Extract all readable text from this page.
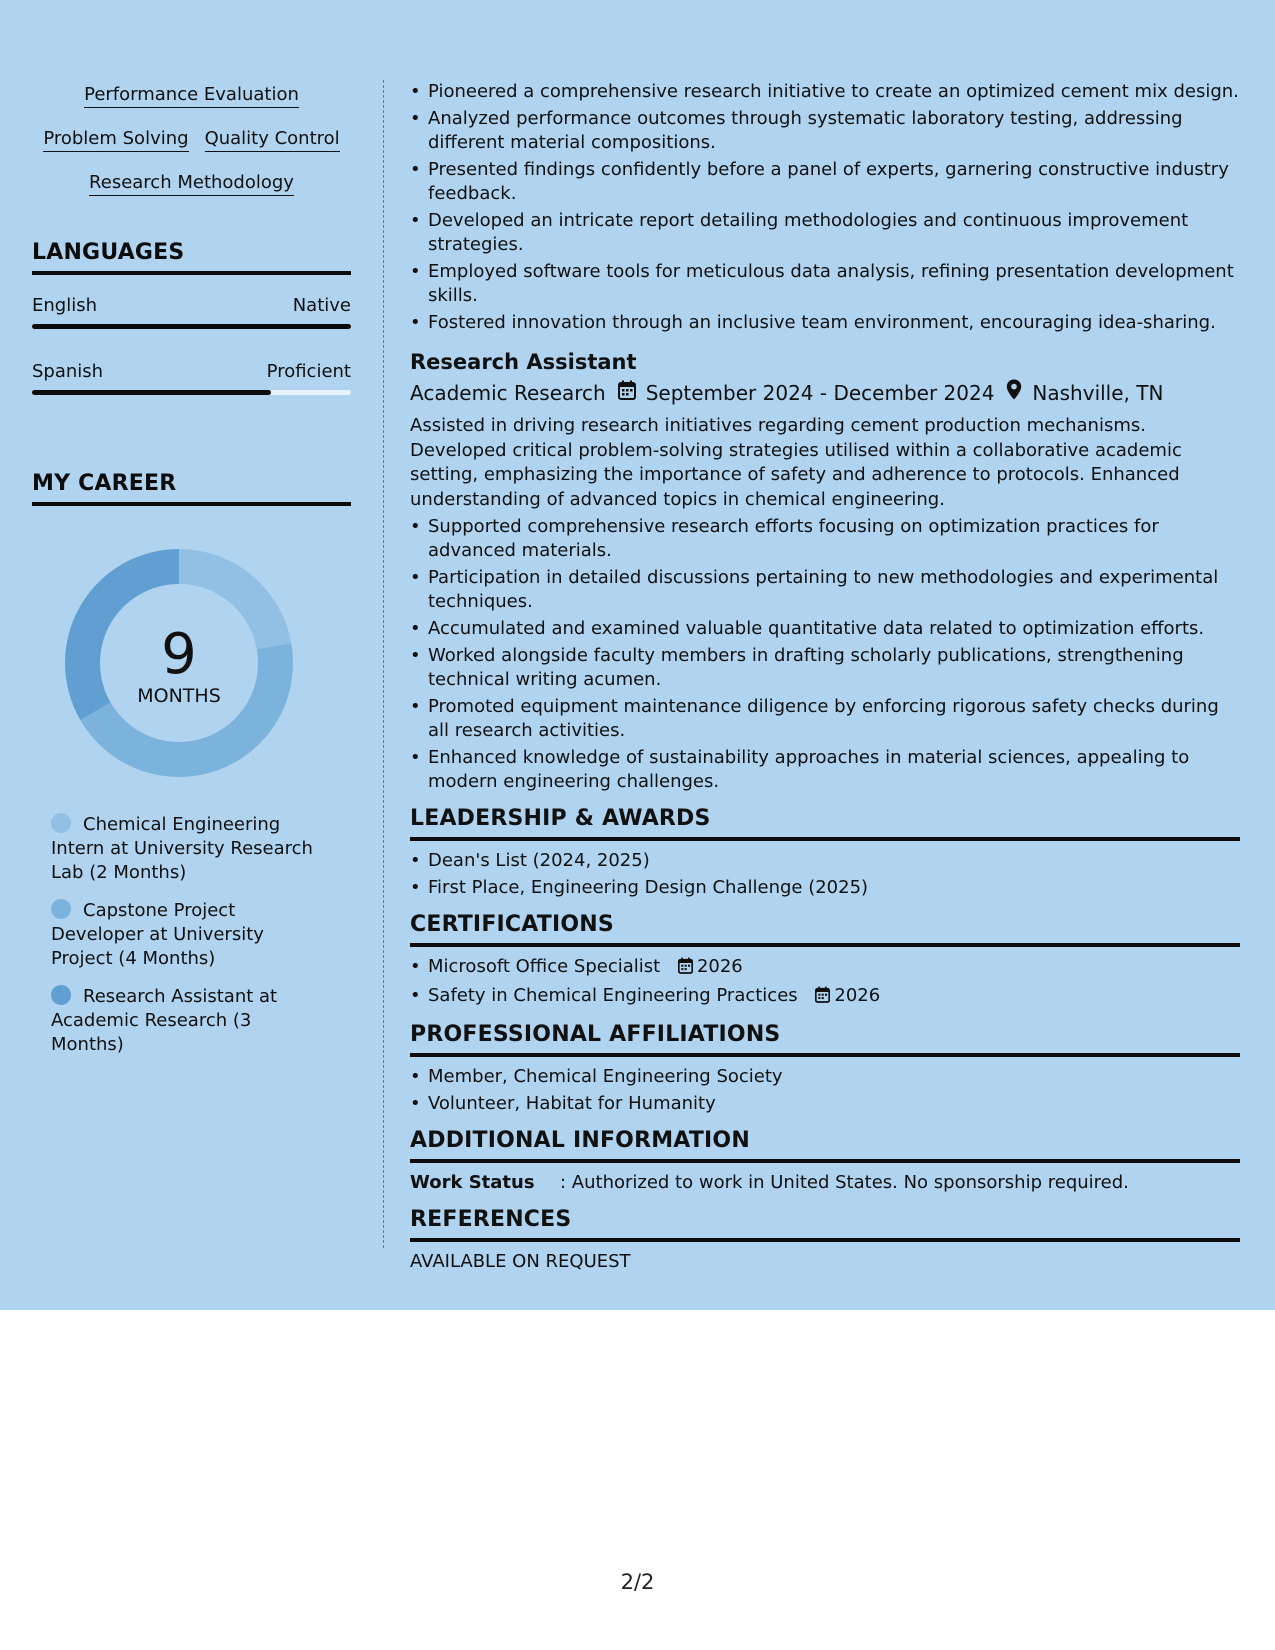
Performance Evaluation
Problem Solving Quality Control
Research Methodology
LANGUAGES
English	Native
Spanish	Proficient
MY CAREER
9
MONTHS
Chemical Engineering Intern at University Research Lab (2 Months)
Capstone Project Developer at University Project (4 Months)
Research Assistant at Academic Research (3 Months)
• Pioneered a comprehensive research initiative to create an optimized cement mix design.
• Analyzed performance outcomes through systematic laboratory testing, addressing different material compositions.
• Presented findings confidently before a panel of experts, garnering constructive industry feedback.
• Developed an intricate report detailing methodologies and continuous improvement strategies.
• Employed software tools for meticulous data analysis, refining presentation development skills.
• Fostered innovation through an inclusive team environment, encouraging idea-sharing.
Research Assistant
Academic Research September 2024 - December 2024 Nashville, TN
Assisted in driving research initiatives regarding cement production mechanisms. Developed critical problem-solving strategies utilised within a collaborative academic setting, emphasizing the importance of safety and adherence to protocols. Enhanced understanding of advanced topics in chemical engineering.
• Supported comprehensive research efforts focusing on optimization practices for advanced materials.
• Participation in detailed discussions pertaining to new methodologies and experimental techniques.
• Accumulated and examined valuable quantitative data related to optimization efforts.
• Worked alongside faculty members in drafting scholarly publications, strengthening technical writing acumen.
• Promoted equipment maintenance diligence by enforcing rigorous safety checks during all research activities.
• Enhanced knowledge of sustainability approaches in material sciences, appealing to modern engineering challenges.
LEADERSHIP & AWARDS
• Dean's List (2024, 2025)
• First Place, Engineering Design Challenge (2025)
CERTIFICATIONS
• Microsoft Office Specialist 2026
• Safety in Chemical Engineering Practices 2026
PROFESSIONAL AFFILIATIONS
• Member, Chemical Engineering Society
• Volunteer, Habitat for Humanity
ADDITIONAL INFORMATION
Work Status	: Authorized to work in United States. No sponsorship required.
REFERENCES
AVAILABLE ON REQUEST
2/2
